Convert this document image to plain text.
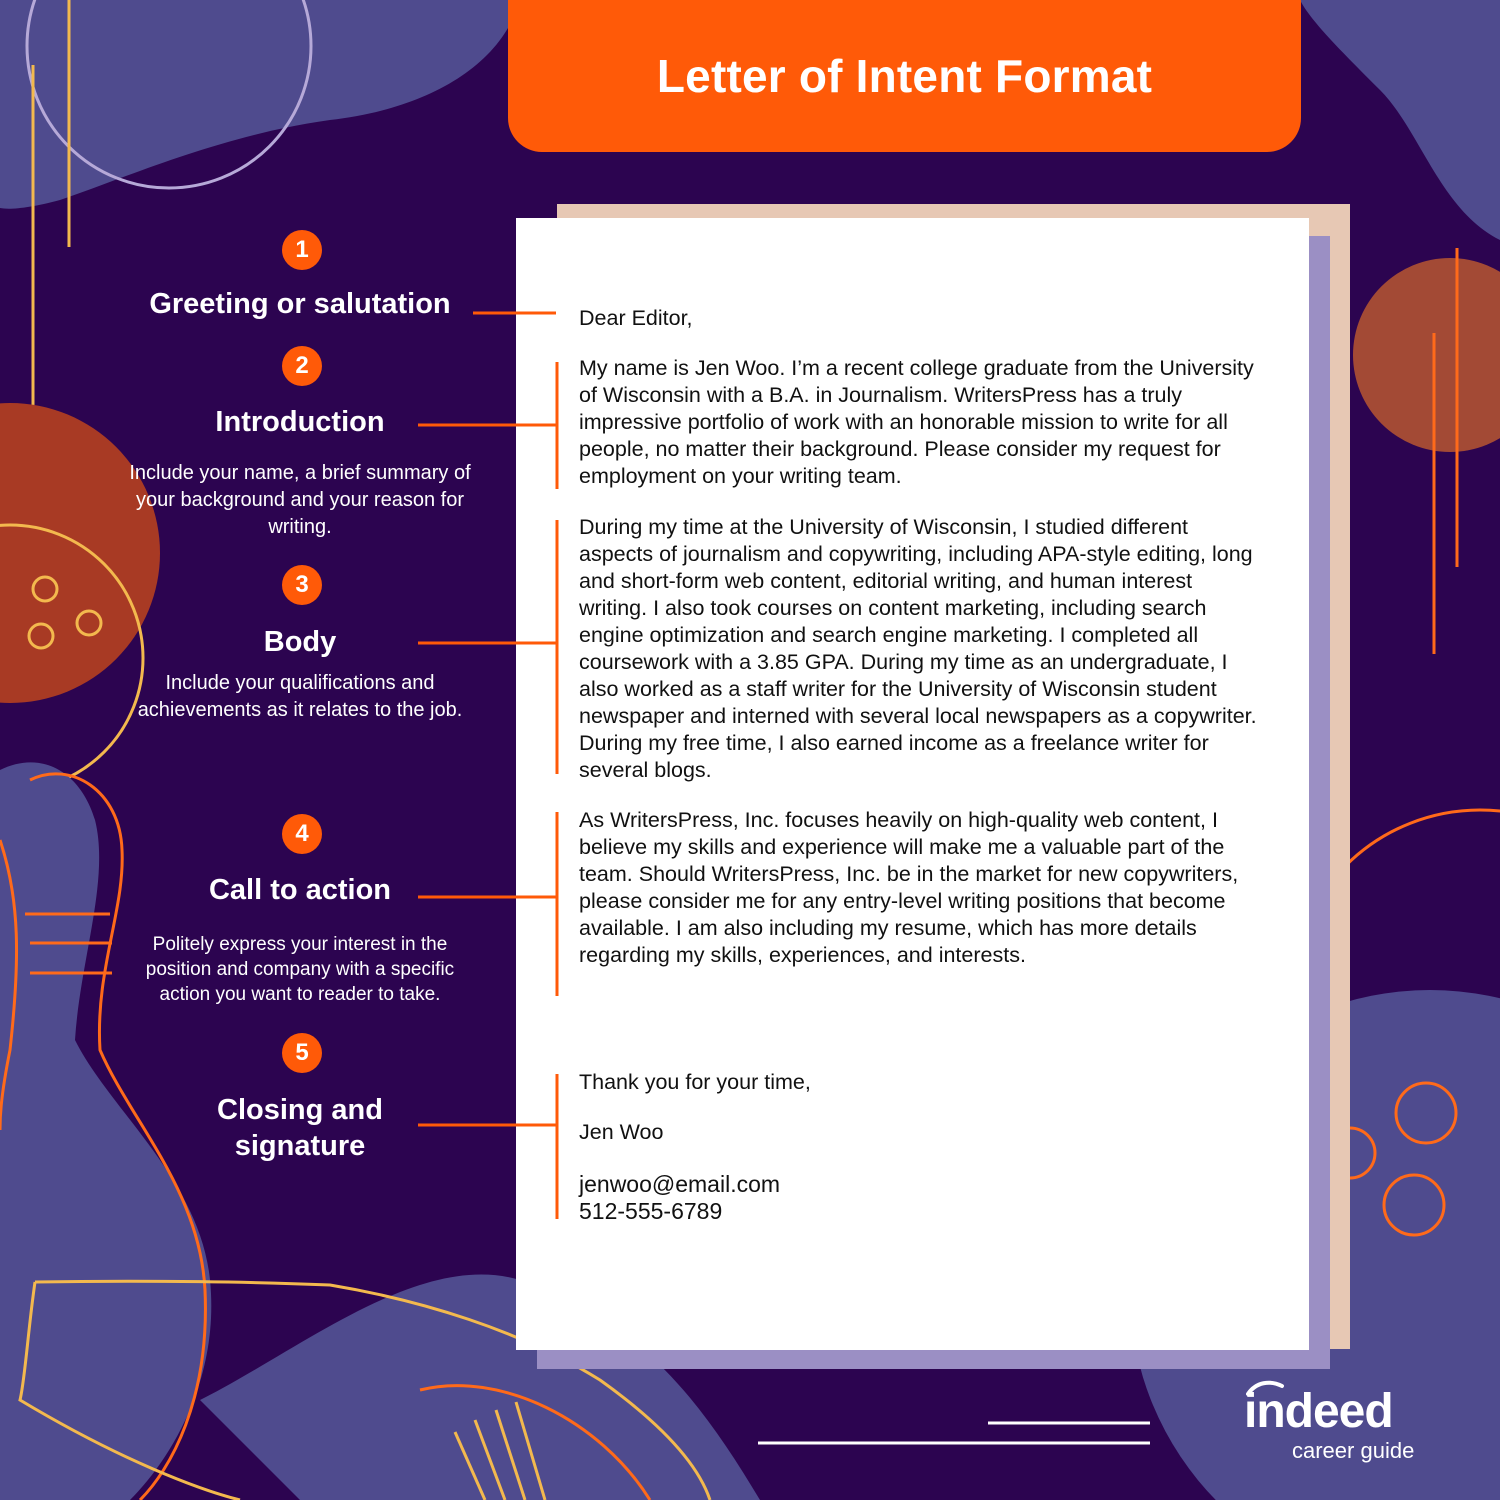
Letter of Intent Format
1

Greeting or salutation

2

Introduction

Include your name, a brief summary of your background and your reason for writing.

3

Body

Include your qualifications and achievements as it relates to the job.

4

Call to action

Politely express your interest in the position and company with a specific action you want to reader to take.

5

Closing and signature

Dear Editor,

My name is Jen Woo. I’m a recent college graduate from the University of Wisconsin with a B.A. in Journalism. WritersPress has a truly impressive portfolio of work with an honorable mission to write for all people, no matter their background. Please consider my request for employment on your writing team.

During my time at the University of Wisconsin, I studied different aspects of journalism and copywriting, including APA-style editing, long and short-form web content, editorial writing, and human interest writing. I also took courses on content marketing, including search engine optimization and search engine marketing. I completed all coursework with a 3.85 GPA. During my time as an undergraduate, I also worked as a staff writer for the University of Wisconsin student newspaper and interned with several local newspapers as a copywriter. During my free time, I also earned income as a freelance writer for several blogs.

As WritersPress, Inc. focuses heavily on high-quality web content, I believe my skills and experience will make me a valuable part of the team. Should WritersPress, Inc. be in the market for new copywriters, please consider me for any entry-level writing positions that become available. I am also including my resume, which has more details regarding my skills, experiences, and interests.

Thank you for your time,

Jen Woo

jenwoo@email.com

512-555-6789

indeed
career guide
